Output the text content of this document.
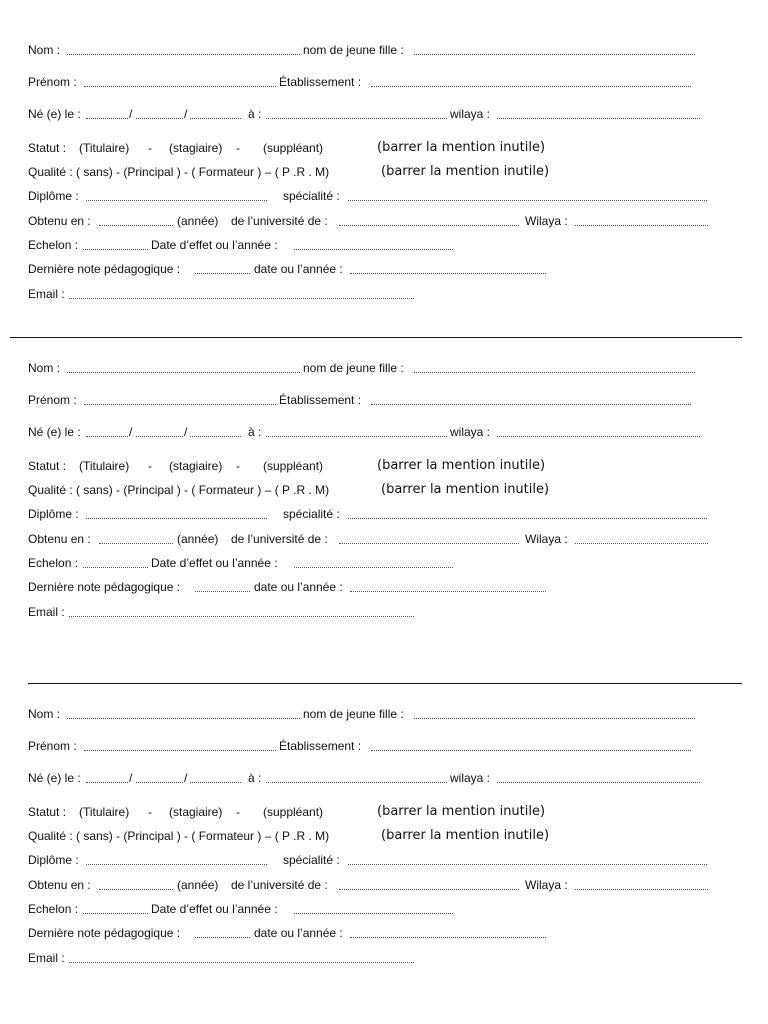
Nom :	nom de jeune fille :
Prénom :	Établissement :
Né (e) le :	/	/	à :	wilaya :
Statut : (Titulaire) - (stagiaire) - (suppléant)	(barrer la mention inutile)
Qualité : ( sans) - (Principal ) - ( Formateur ) – ( P .R . M)	(barrer la mention inutile)
Diplôme :	spécialité :
Obtenu en :	(année) de l’université de :	Wilaya :
Echelon :	Date d’effet ou l’année :
Dernière note pédagogique :	date ou l’année :
Email :
Nom :	nom de jeune fille :
Prénom :	Établissement :
Né (e) le :	/	/	à :	wilaya :
Statut : (Titulaire) - (stagiaire) - (suppléant)	(barrer la mention inutile)
Qualité : ( sans) - (Principal ) - ( Formateur ) – ( P .R . M)	(barrer la mention inutile)
Diplôme :	spécialité :
Obtenu en :	(année) de l’université de :	Wilaya :
Echelon :	Date d’effet ou l’année :
Dernière note pédagogique :	date ou l’année :
Email :
Nom :	nom de jeune fille :
Prénom :	Établissement :
Né (e) le :	/	/	à :	wilaya :
Statut : (Titulaire) - (stagiaire) - (suppléant)	(barrer la mention inutile)
Qualité : ( sans) - (Principal ) - ( Formateur ) – ( P .R . M)	(barrer la mention inutile)
Diplôme :	spécialité :
Obtenu en :	(année) de l’université de :	Wilaya :
Echelon :	Date d’effet ou l’année :
Dernière note pédagogique :	date ou l’année :
Email :
